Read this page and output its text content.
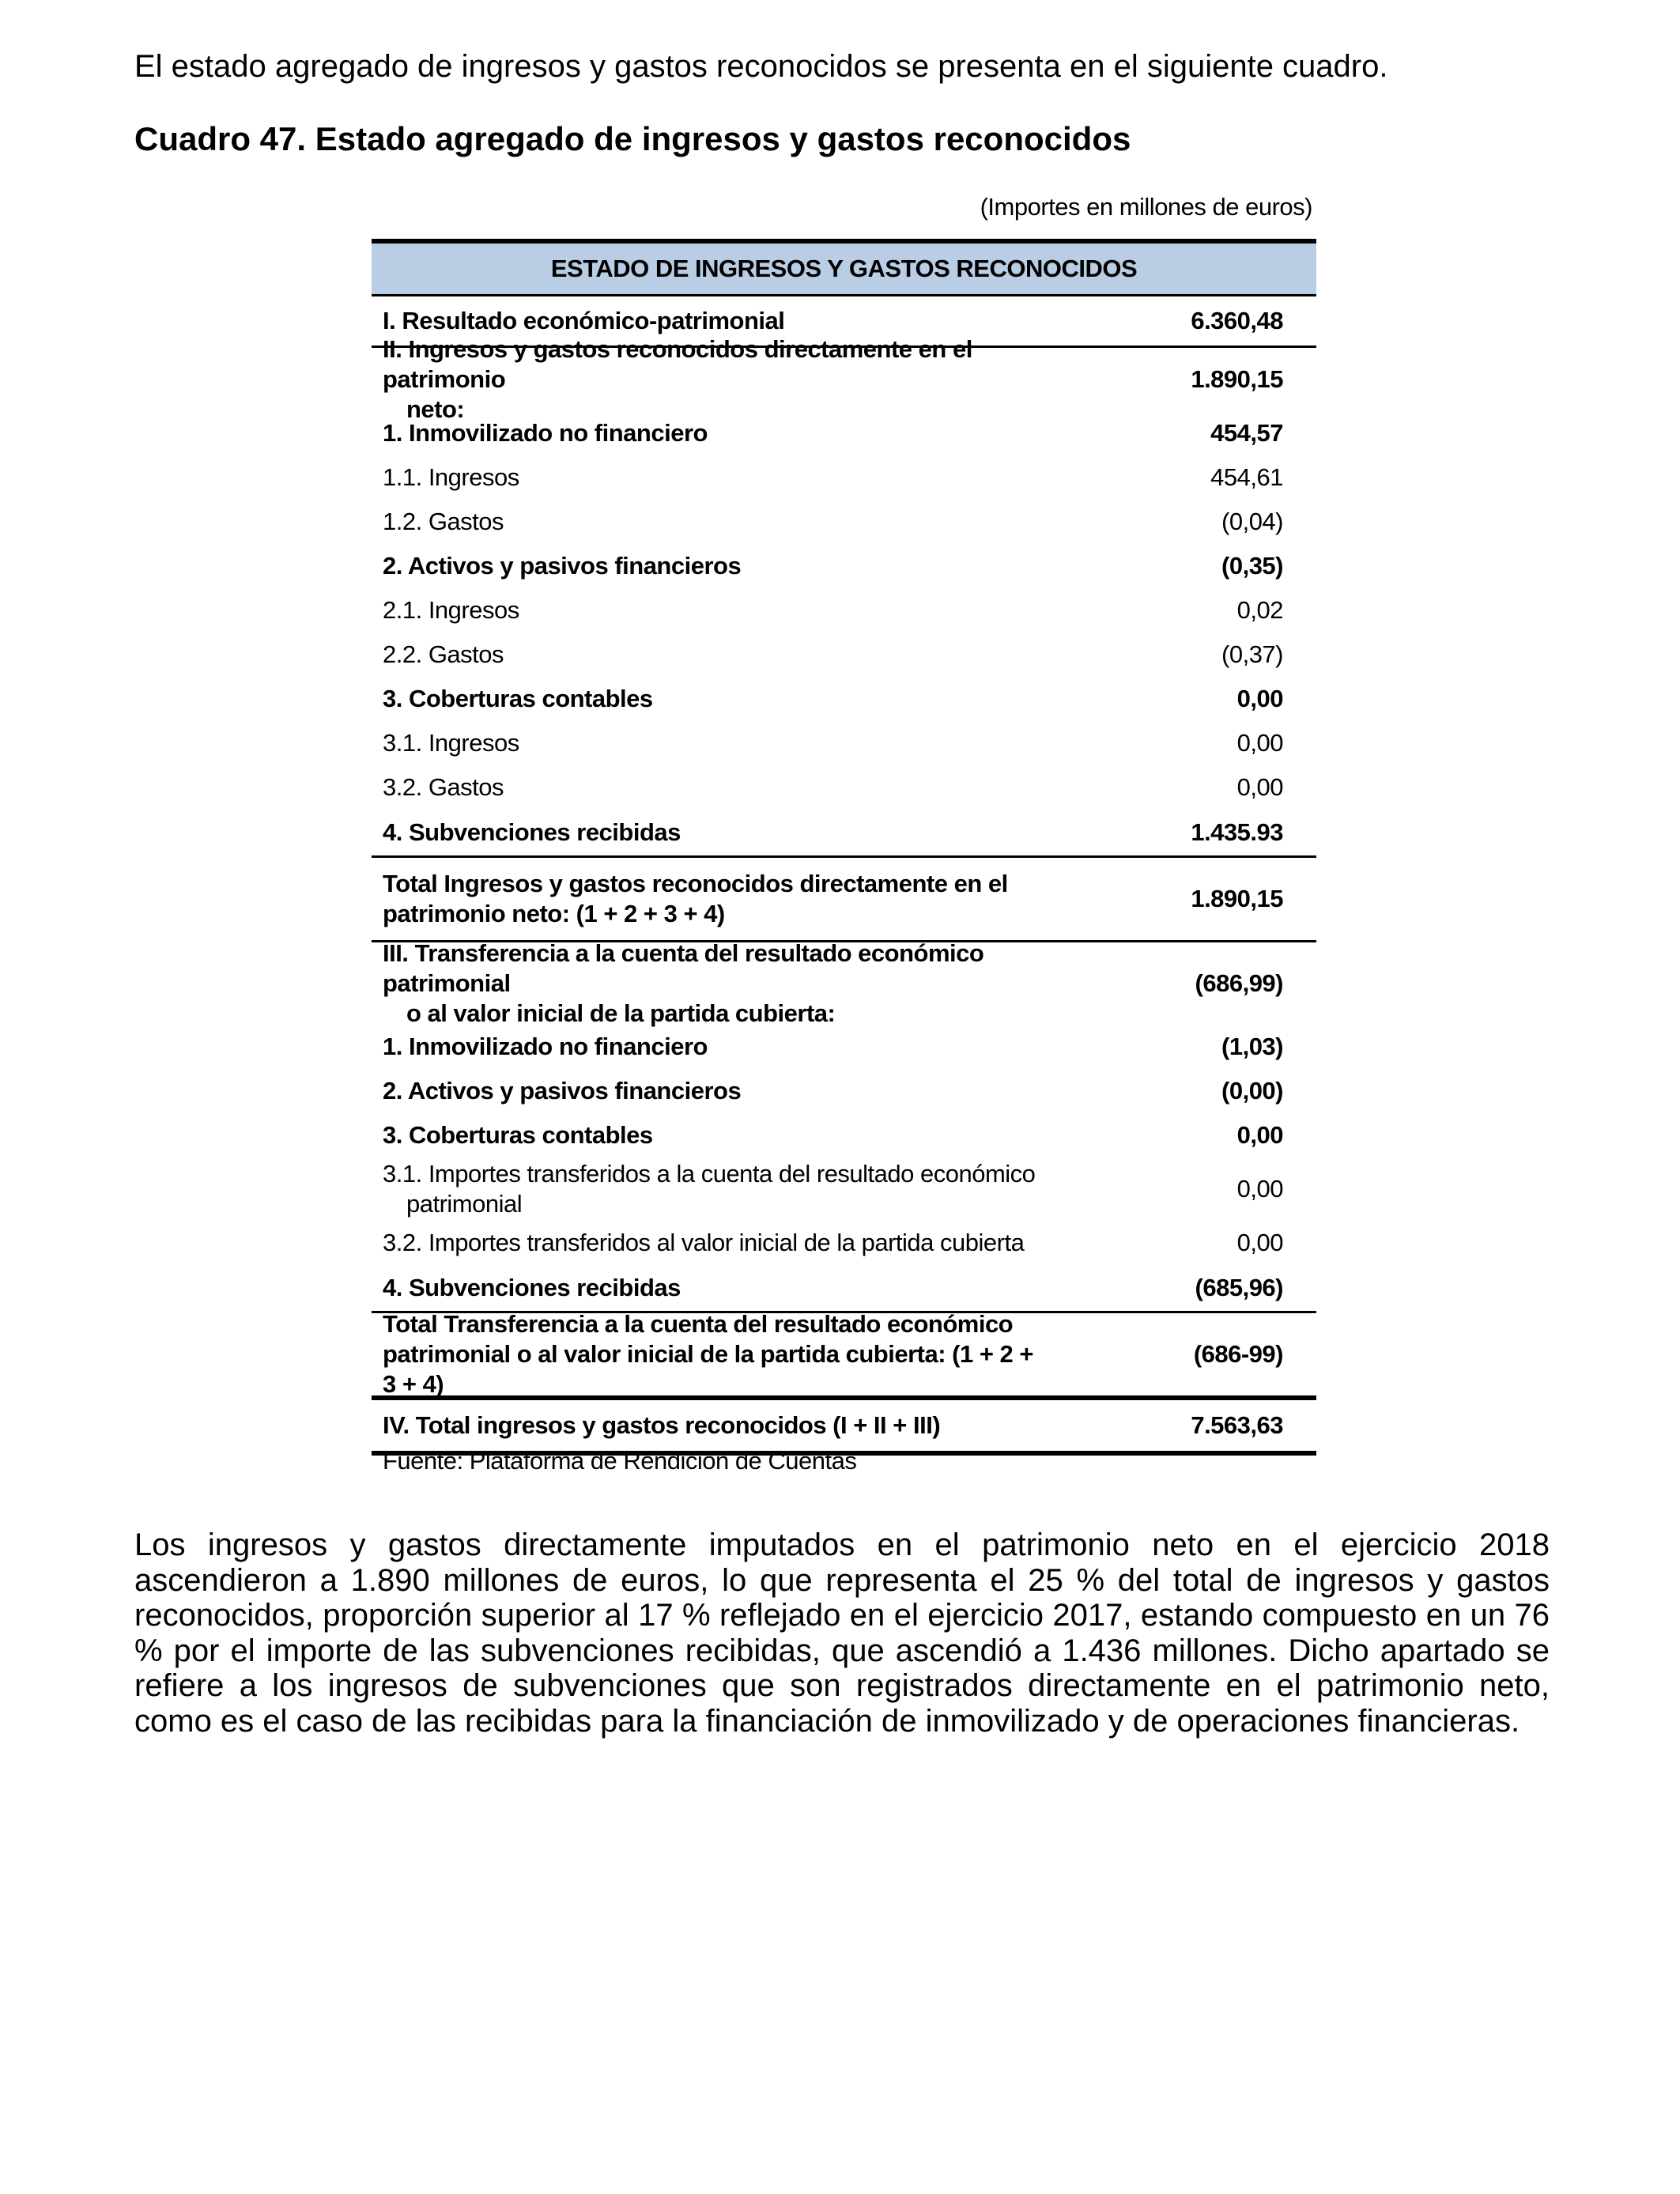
El estado agregado de ingresos y gastos reconocidos se presenta en el siguiente cuadro.

Cuadro 47. Estado agregado de ingresos y gastos reconocidos

(Importes en millones de euros)
ESTADO DE INGRESOS Y GASTOS RECONOCIDOS
I. Resultado económico-patrimonial	6.360,48
II. Ingresos y gastos reconocidos directamente en el patrimonio
neto:
1.890,15
1. Inmovilizado no financiero	454,57
1.1. Ingresos	454,61
1.2. Gastos	(0,04)
2. Activos y pasivos financieros	(0,35)
2.1. Ingresos	0,02
2.2. Gastos	(0,37)
3. Coberturas contables	0,00
3.1. Ingresos	0,00
3.2. Gastos	0,00
4. Subvenciones recibidas	1.435.93
Total Ingresos y gastos reconocidos directamente en el
patrimonio neto: (1 + 2 + 3 + 4)
1.890,15
III. Transferencia a la cuenta del resultado económico patrimonial
o al valor inicial de la partida cubierta:
(686,99)
1. Inmovilizado no financiero	(1,03)
2. Activos y pasivos financieros	(0,00)
3. Coberturas contables	0,00
3.1. Importes transferidos a la cuenta del resultado económico
patrimonial
0,00
3.2. Importes transferidos al valor inicial de la partida cubierta	0,00
4. Subvenciones recibidas	(685,96)
Total Transferencia a la cuenta del resultado económico
patrimonial o al valor inicial de la partida cubierta: (1 + 2 + 3 + 4)
(686-99)
IV. Total ingresos y gastos reconocidos (I + II + III)	7.563,63
Fuente: Plataforma de Rendición de Cuentas

Los ingresos y gastos directamente imputados en el patrimonio neto en el ejercicio 2018 ascendieron a 1.890 millones de euros, lo que representa el 25 % del total de ingresos y gastos reconocidos, proporción superior al 17 % reflejado en el ejercicio 2017, estando compuesto en un 76 % por el importe de las subvenciones recibidas, que ascendió a 1.436 millones. Dicho apartado se refiere a los ingresos de subvenciones que son registrados directamente en el patrimonio neto, como es el caso de las recibidas para la financiación de inmovilizado y de operaciones financieras.
